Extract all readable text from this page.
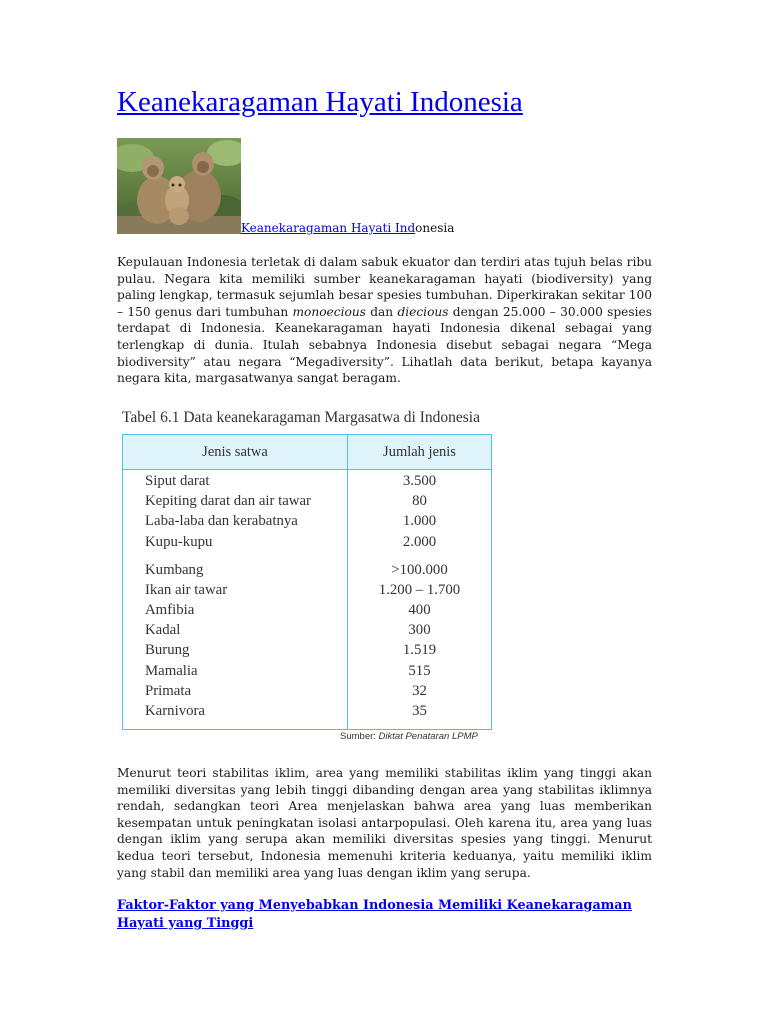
Keanekaragaman Hayati Indonesia
Keanekaragaman Hayati Indonesia

Kepulauan Indonesia terletak di dalam sabuk ekuator dan terdiri atas tujuh belas ribu pulau. Negara kita memiliki sumber keanekaragaman hayati (biodiversity) yang paling lengkap, termasuk sejumlah besar spesies tumbuhan. Diperkirakan sekitar 100 – 150 genus dari tumbuhan monoecious dan diecious dengan 25.000 – 30.000 spesies terdapat di Indonesia. Keanekaragaman hayati Indonesia dikenal sebagai yang terlengkap di dunia. Itulah sebabnya Indonesia disebut sebagai negara “Mega biodiversity” atau negara “Megadiversity”. Lihatlah data berikut, betapa kayanya negara kita, margasatwanya sangat beragam.

Tabel 6.1 Data keanekaragaman Margasatwa di Indonesia
Jenis satwa	Jumlah jenis
Siput darat	3.500
Kepiting darat dan air tawar	80
Laba-laba dan kerabatnya	1.000
Kupu-kupu	2.000
Kumbang	>100.000
Ikan air tawar	1.200 – 1.700
Amfibia	400
Kadal	300
Burung	1.519
Mamalia	515
Primata	32
Karnivora	35
Sumber: Diktat Penataran LPMP

Menurut teori stabilitas iklim, area yang memiliki stabilitas iklim yang tinggi akan memiliki diversitas yang lebih tinggi dibanding dengan area yang stabilitas iklimnya rendah, sedangkan teori Area menjelaskan bahwa area yang luas memberikan kesempatan untuk peningkatan isolasi antarpopulasi. Oleh karena itu, area yang luas dengan iklim yang serupa akan memiliki diversitas spesies yang tinggi. Menurut kedua teori tersebut, Indonesia memenuhi kriteria keduanya, yaitu memiliki iklim yang stabil dan memiliki area yang luas dengan iklim yang serupa.

Faktor-Faktor yang Menyebabkan Indonesia Memiliki Keanekaragaman Hayati yang Tinggi
